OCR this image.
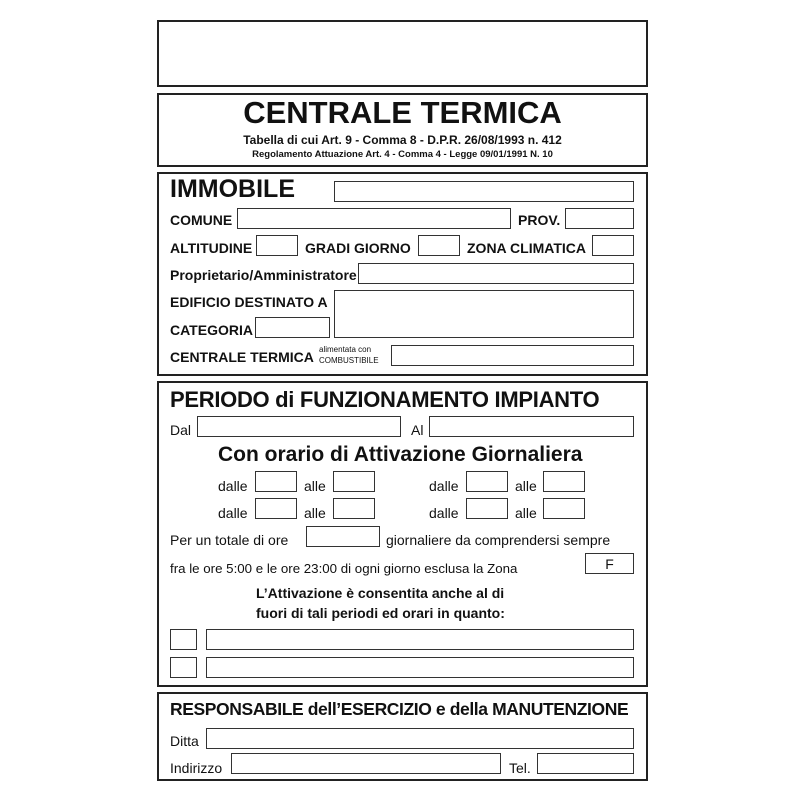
CENTRALE TERMICA
Tabella di cui Art. 9 - Comma 8 - D.P.R. 26/08/1993 n. 412
Regolamento Attuazione Art. 4 - Comma 4 - Legge 09/01/1991 N. 10
IMMOBILE
COMUNE	PROV.
ALTITUDINE	GRADI GIORNO	ZONA CLIMATICA
Proprietario/Amministratore
EDIFICIO DESTINATO A
CATEGORIA
CENTRALE TERMICA alimentata con
COMBUSTIBILE
PERIODO di FUNZIONAMENTO IMPIANTO
Dal	Al
Con orario di Attivazione Giornaliera
dalle	alle	dalle	alle
dalle	alle	dalle	alle
Per un totale di ore	giornaliere da comprendersi sempre
fra le ore 5:00 e le ore 23:00 di ogni giorno esclusa la Zona	F
L’Attivazione è consentita anche al di
fuori di tali periodi ed orari in quanto:
RESPONSABILE dell’ESERCIZIO e della MANUTENZIONE
Ditta
Indirizzo	Tel.
